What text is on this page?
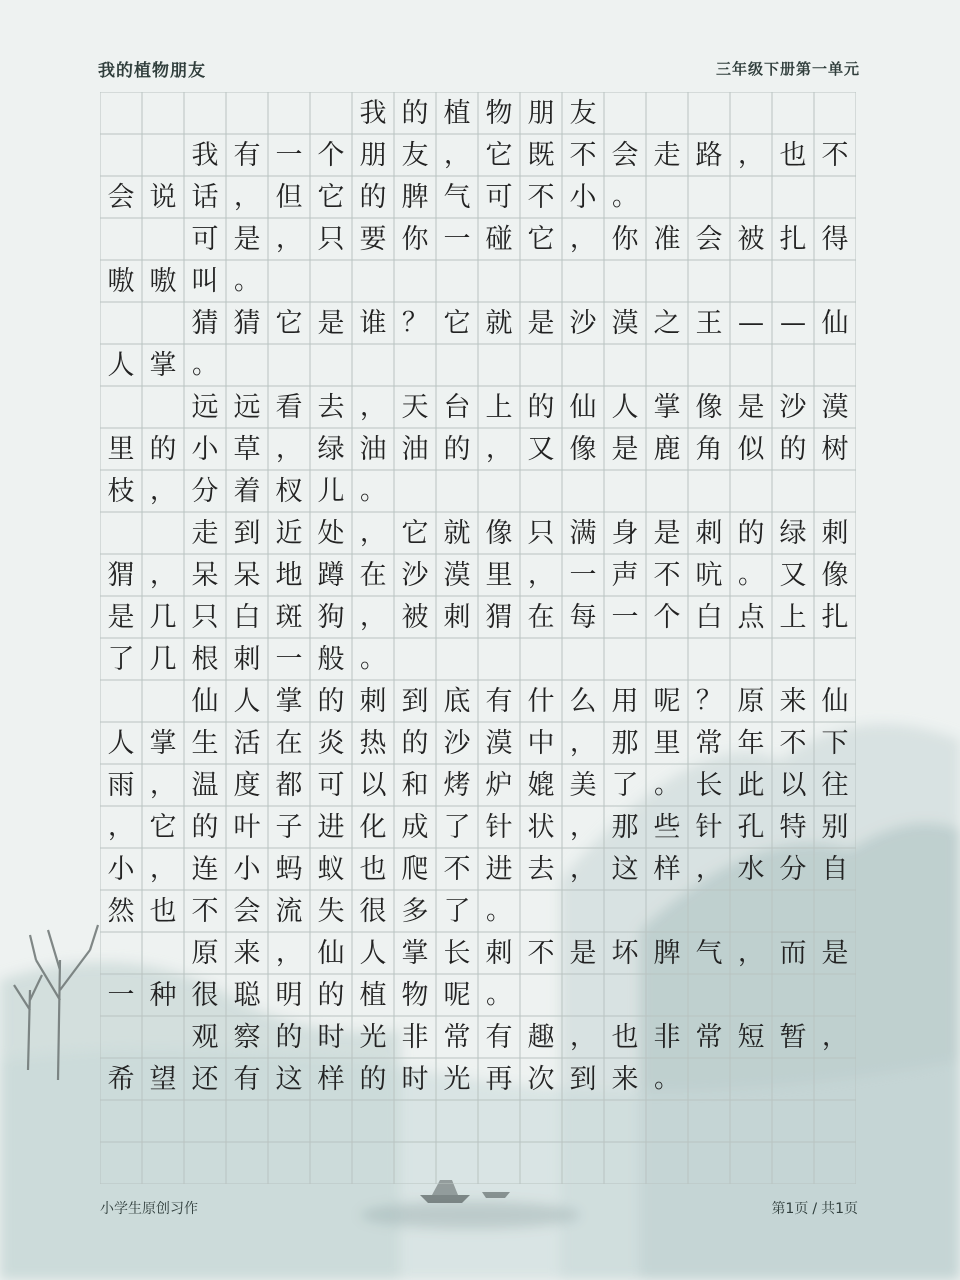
我的植物朋友	三年级下册第一单元
我 的 植 物 朋 友
我 有 一 个 朋 友 ， 它 既 不 会 走 路 ， 也 不
会 说 话 ， 但 它 的 脾 气 可 不 小 。
可 是 ， 只 要 你 一 碰 它 ， 你 准 会 被 扎 得
嗷 嗷 叫 。
猜 猜 它 是 谁 ？ 它 就 是 沙 漠 之 王 — — 仙
人 掌 。
远 远 看 去 ， 天 台 上 的 仙 人 掌 像 是 沙 漠
里 的 小 草 ， 绿 油 油 的 ， 又 像 是 鹿 角 似 的 树
枝 ， 分 着 杈 儿 。
走 到 近 处 ， 它 就 像 只 满 身 是 刺 的 绿 刺
猬 ， 呆 呆 地 蹲 在 沙 漠 里 ， 一 声 不 吭 。 又 像
是 几 只 白 斑 狗 ， 被 刺 猬 在 每 一 个 白 点 上 扎
了 几 根 刺 一 般 。
仙 人 掌 的 刺 到 底 有 什 么 用 呢 ？ 原 来 仙
人 掌 生 活 在 炎 热 的 沙 漠 中 ， 那 里 常 年 不 下
雨 ， 温 度 都 可 以 和 烤 炉 媲 美 了 。 长 此 以 往
， 它 的 叶 子 进 化 成 了 针 状 ， 那 些 针 孔 特 别
小 ， 连 小 蚂 蚁 也 爬 不 进 去 ， 这 样 ， 水 分 自
然 也 不 会 流 失 很 多 了 。
原 来 ， 仙 人 掌 长 刺 不 是 坏 脾 气 ， 而 是
一 种 很 聪 明 的 植 物 呢 。
观 察 的 时 光 非 常 有 趣 ， 也 非 常 短 暂 ，
希 望 还 有 这 样 的 时 光 再 次 到 来 。
小学生原创习作	第1页 / 共1页
